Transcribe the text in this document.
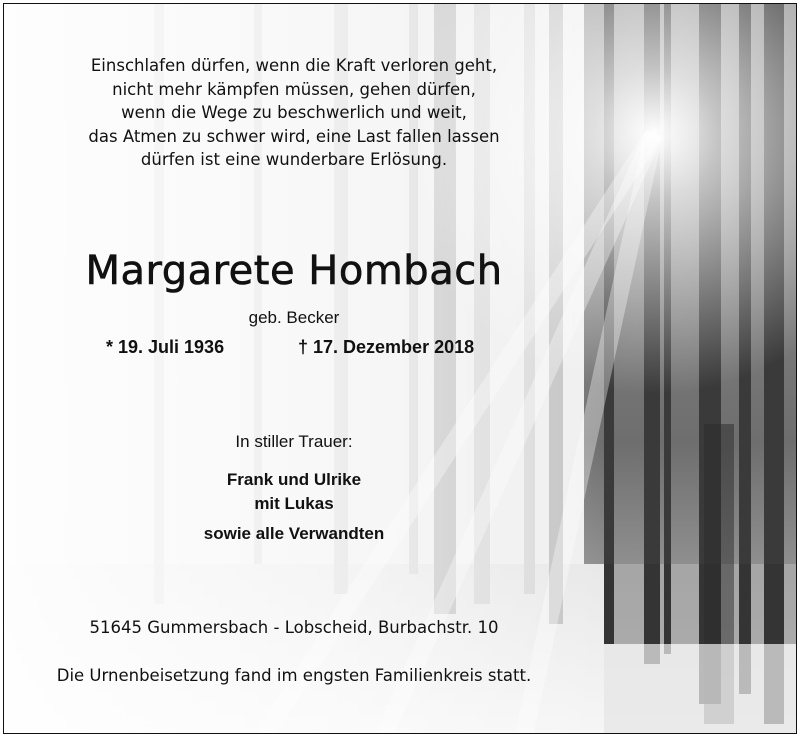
Einschlafen dürfen, wenn die Kraft verloren geht,
nicht mehr kämpfen müssen, gehen dürfen,
wenn die Wege zu beschwerlich und weit,
das Atmen zu schwer wird, eine Last fallen lassen
dürfen ist eine wunderbare Erlösung.
Margarete Hombach
geb. Becker
* 19. Juli 1936	† 17. Dezember 2018
In stiller Trauer:
Frank und Ulrike
mit Lukas
sowie alle Verwandten
51645 Gummersbach - Lobscheid, Burbachstr. 10
Die Urnenbeisetzung fand im engsten Familienkreis statt.
